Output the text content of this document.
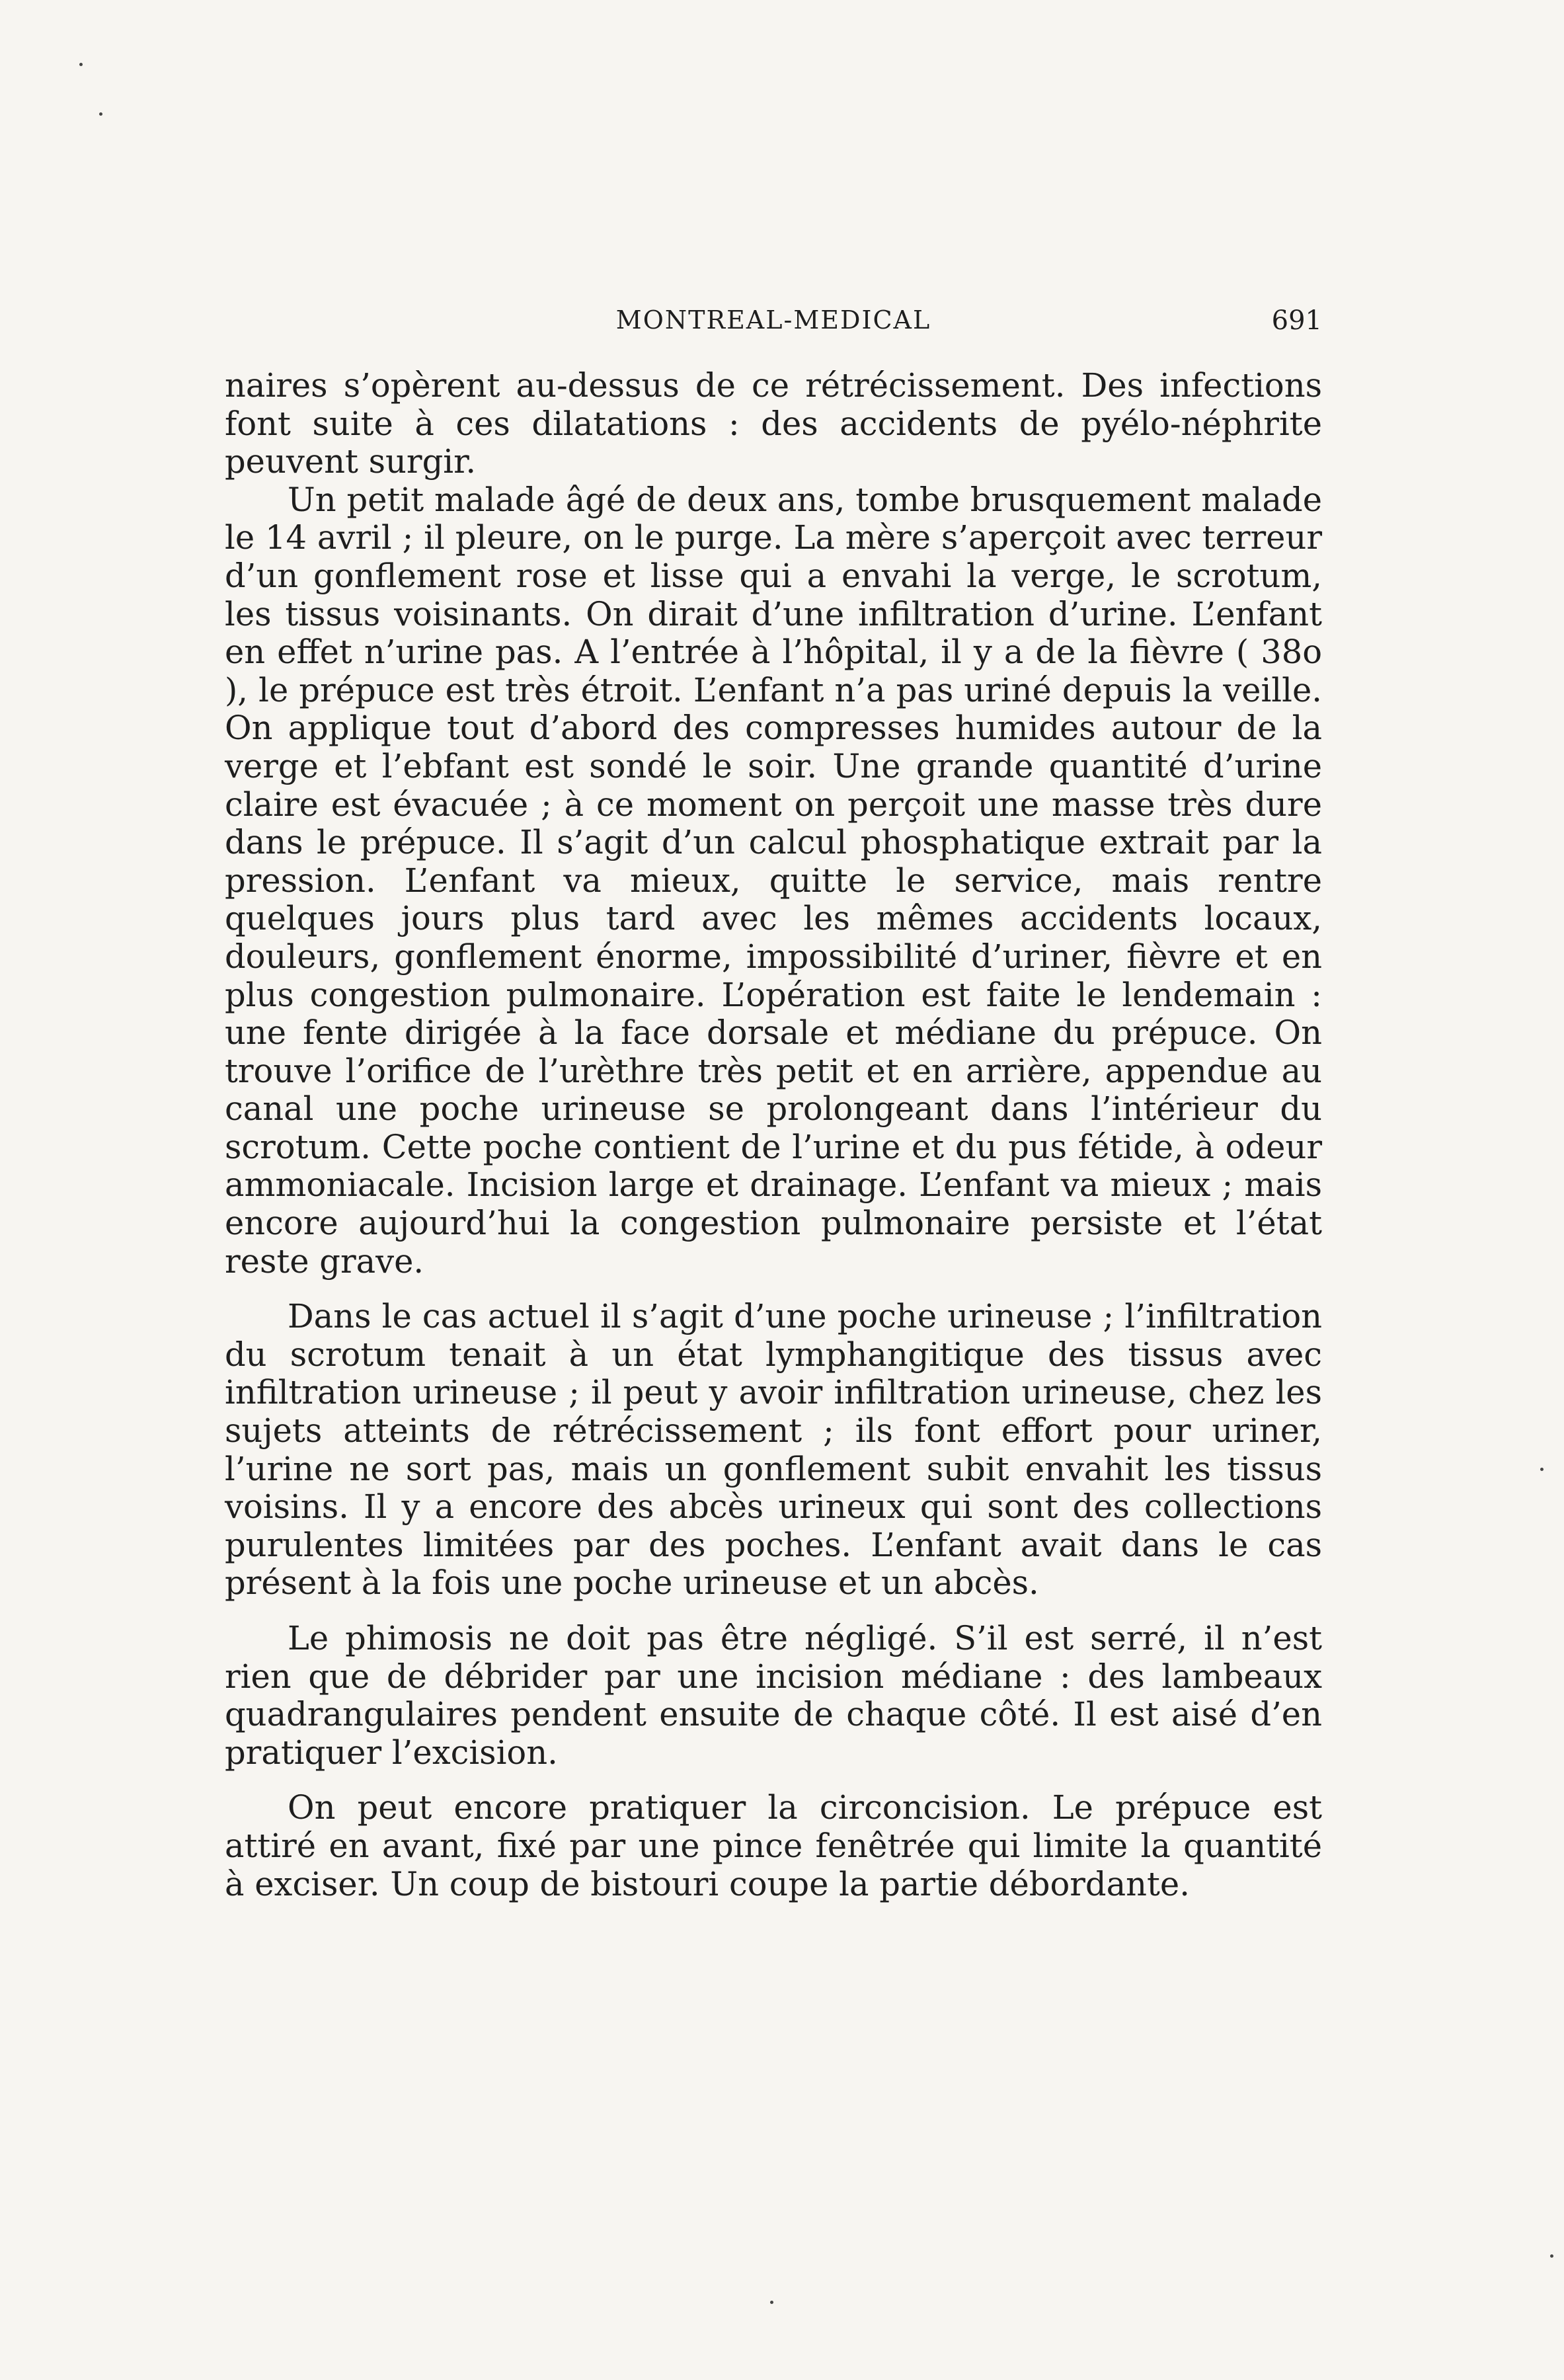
MONTREAL-MEDICAL	691

naires s’opèrent au-dessus de ce rétrécissement. Des infections font suite à ces dilatations : des accidents de pyélo-néphrite peuvent surgir.

Un petit malade âgé de deux ans, tombe brusquement malade le 14 avril ; il pleure, on le purge. La mère s’aperçoit avec terreur d’un gonflement rose et lisse qui a envahi la verge, le scrotum, les tissus voisinants. On dirait d’une infiltration d’urine. L’enfant en effet n’urine pas. A l’entrée à l’hôpital, il y a de la fièvre ( 38o ), le prépuce est très étroit. L’enfant n’a pas uriné depuis la veille. On applique tout d’abord des compresses humides autour de la verge et l’ebfant est sondé le soir. Une grande quantité d’urine claire est évacuée ; à ce moment on perçoit une masse très dure dans le prépuce. Il s’agit d’un calcul phosphatique extrait par la pression. L’enfant va mieux, quitte le service, mais rentre quelques jours plus tard avec les mêmes accidents locaux, douleurs, gonflement énorme, impossibilité d’uriner, fièvre et en plus congestion pulmonaire. L’opération est faite le lendemain : une fente dirigée à la face dorsale et médiane du prépuce. On trouve l’orifice de l’urèthre très petit et en arrière, appendue au canal une poche urineuse se prolongeant dans l’intérieur du scrotum. Cette poche contient de l’urine et du pus fétide, à odeur ammoniacale. Incision large et drainage. L’enfant va mieux ; mais encore aujourd’hui la congestion pulmonaire persiste et l’état reste grave.

Dans le cas actuel il s’agit d’une poche urineuse ; l’infiltration du scrotum tenait à un état lymphangitique des tissus avec infiltration urineuse ; il peut y avoir infiltration urineuse, chez les sujets atteints de rétrécissement ; ils font effort pour uriner, l’urine ne sort pas, mais un gonflement subit envahit les tissus voisins. Il y a encore des abcès urineux qui sont des collections purulentes limitées par des poches. L’enfant avait dans le cas présent à la fois une poche urineuse et un abcès.

Le phimosis ne doit pas être négligé. S’il est serré, il n’est rien que de débrider par une incision médiane : des lambeaux quadrangulaires pendent ensuite de chaque côté. Il est aisé d’en pratiquer l’excision.

On peut encore pratiquer la circoncision. Le prépuce est attiré en avant, fixé par une pince fenêtrée qui limite la quantité à exciser. Un coup de bistouri coupe la partie débordante.
